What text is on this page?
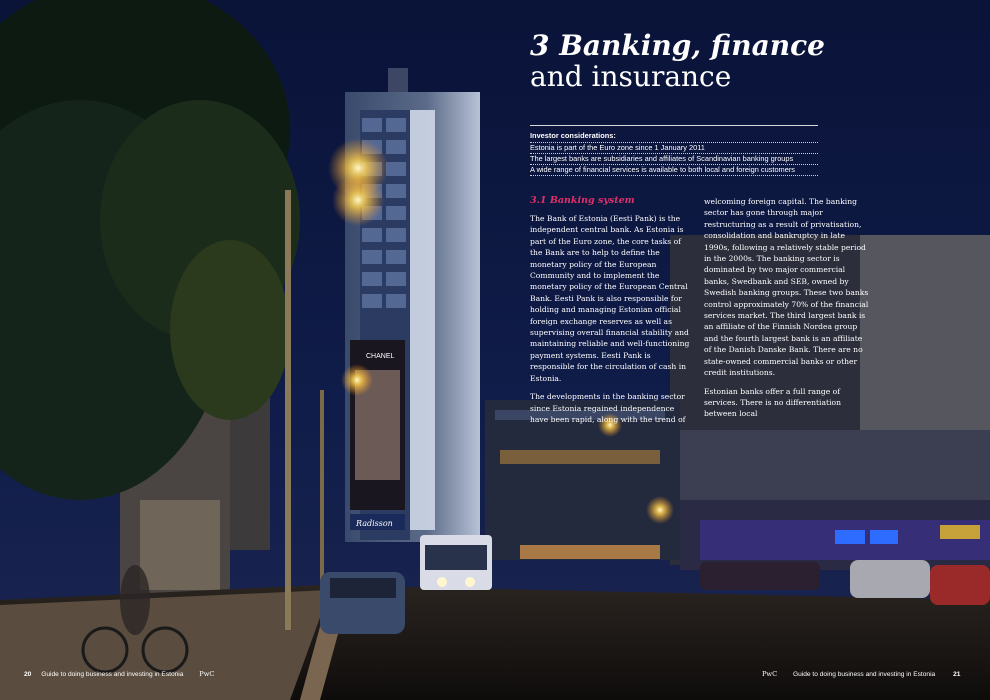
CHANEL
Radisson
3 Banking, finance
and insurance
Investor considerations:
Estonia is part of the Euro zone since 1 January 2011
The largest banks are subsidiaries and affiliates of Scandinavian banking groups
A wide range of financial services is available to both local and foreign customers
3.1 Banking system

The Bank of Estonia (Eesti Pank) is the independent central bank. As Estonia is part of the Euro zone, the core tasks of the Bank are to help to define the monetary policy of the European Community and to implement the monetary policy of the European Central Bank. Eesti Pank is also responsible for holding and managing Estonian official foreign exchange reserves as well as supervising overall financial stability and maintaining reliable and well-functioning payment systems. Eesti Pank is responsible for the circulation of cash in Estonia.

The developments in the banking sector since Estonia regained independence have been rapid, along with the trend of

welcoming foreign capital. The banking sector has gone through major restructuring as a result of privatisation, consolidation and bankruptcy in late 1990s, following a relatively stable period in the 2000s. The banking sector is dominated by two major commercial banks, Swedbank and SEB, owned by Swedish banking groups. These two banks control approximately 70% of the financial services market. The third largest bank is an affiliate of the Finnish Nordea group and the fourth largest bank is an affiliate of the Danish Danske Bank. There are no state-owned commercial banks or other credit institutions.

Estonian banks offer a full range of services. There is no differentiation between local

20 Guide to doing business and investing in Estonia PwC	PwC Guide to doing business and investing in Estonia	21
